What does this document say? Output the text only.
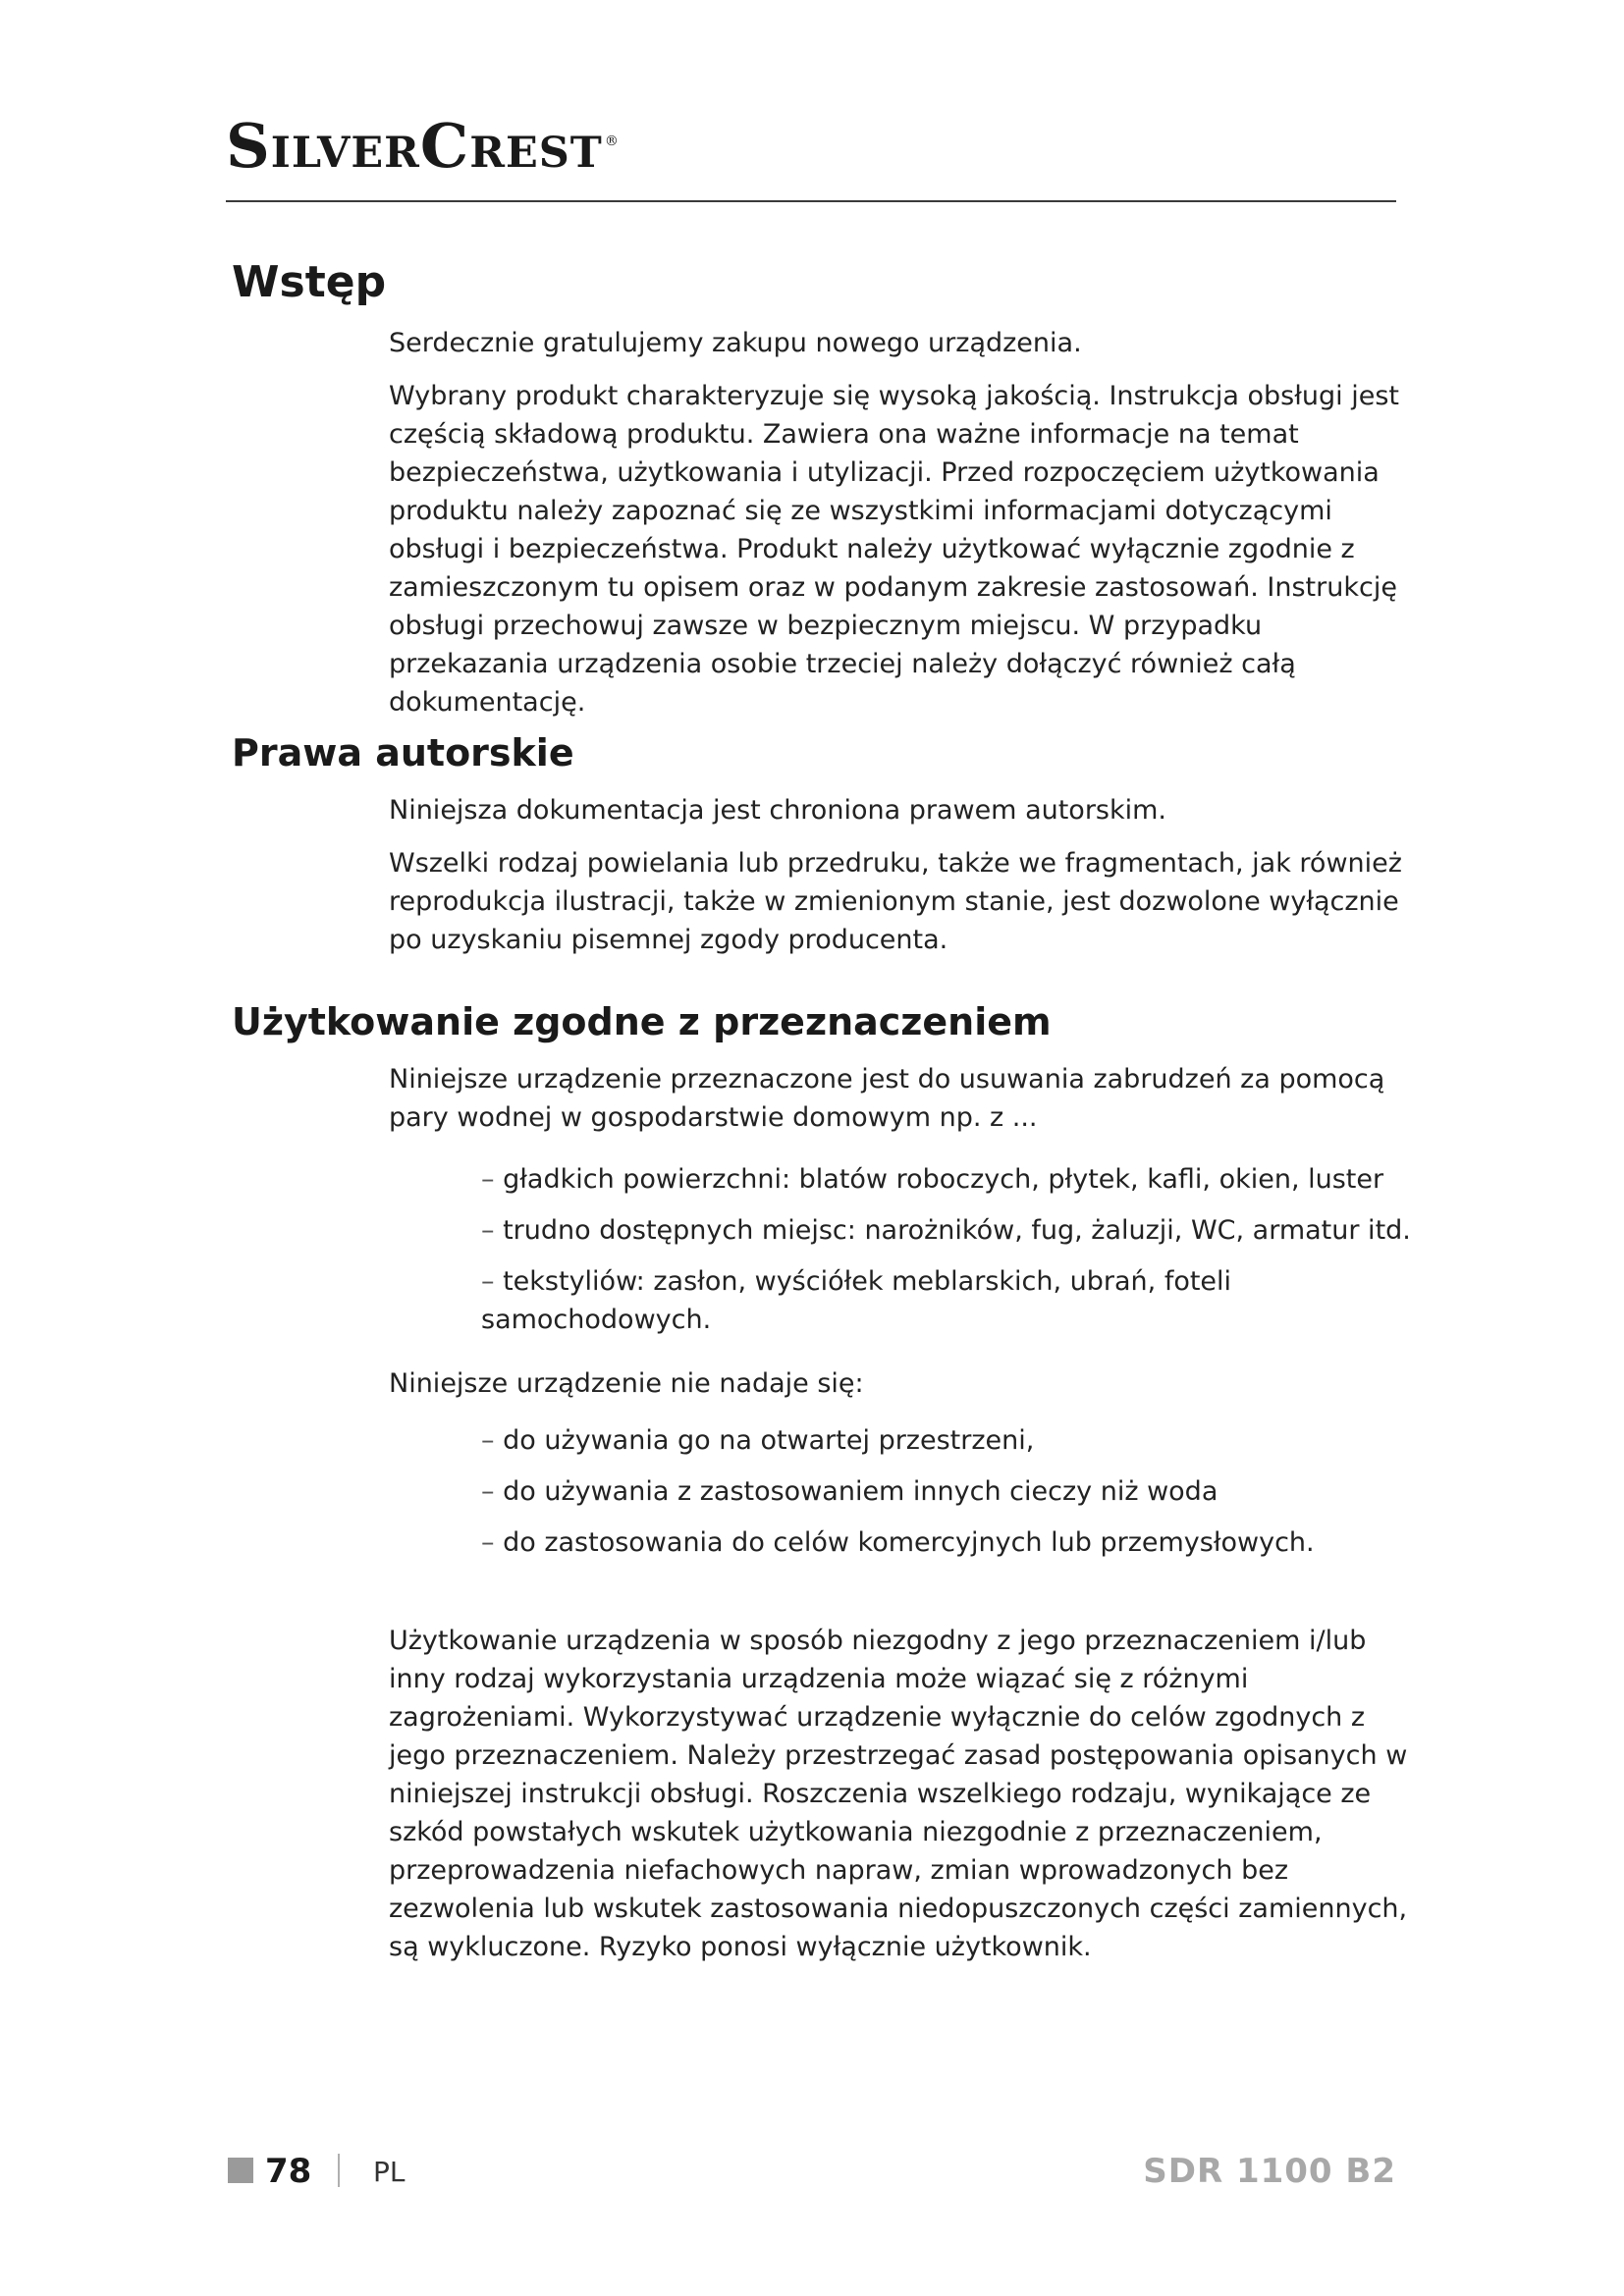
SilverCrest ®
Wstęp

Serdecznie gratulujemy zakupu nowego urządzenia.

Wybrany produkt charakteryzuje się wysoką jakością. Instrukcja obsługi jest częścią składową produktu. Zawiera ona ważne informacje na temat bezpieczeństwa, użytkowania i utylizacji. Przed rozpoczęciem użytkowania produktu należy zapoznać się ze wszystkimi informacjami dotyczącymi obsługi i bezpieczeństwa. Produkt należy użytkować wyłącznie zgodnie z zamieszczonym tu opisem oraz w podanym zakresie zastosowań. Instrukcję obsługi przechowuj zawsze w bezpiecznym miejscu. W przypadku przekazania urządzenia osobie trzeciej należy dołączyć również całą dokumentację.

Prawa autorskie

Niniejsza dokumentacja jest chroniona prawem autorskim.

Wszelki rodzaj powielania lub przedruku, także we fragmentach, jak również reprodukcja ilustracji, także w zmienionym stanie, jest dozwolone wyłącznie po uzyskaniu pisemnej zgody producenta.

Użytkowanie zgodne z przeznaczeniem

Niniejsze urządzenie przeznaczone jest do usuwania zabrudzeń za pomocą pary wodnej w gospodarstwie domowym np. z ...

– gładkich powierzchni: blatów roboczych, płytek, kafli, okien, luster
– trudno dostępnych miejsc: narożników, fug, żaluzji, WC, armatur itd.
– tekstyliów: zasłon, wyściółek meblarskich, ubrań, foteli samochodowych.

Niniejsze urządzenie nie nadaje się:

– do używania go na otwartej przestrzeni,
– do używania z zastosowaniem innych cieczy niż woda
– do zastosowania do celów komercyjnych lub przemysłowych.

Użytkowanie urządzenia w sposób niezgodny z jego przeznaczeniem i/lub inny rodzaj wykorzystania urządzenia może wiązać się z różnymi zagrożeniami. Wykorzystywać urządzenie wyłącznie do celów zgodnych z jego przeznaczeniem. Należy przestrzegać zasad postępowania opisanych w niniejszej instrukcji obsługi. Roszczenia wszelkiego rodzaju, wynikające ze szkód powstałych wskutek użytkowania niezgodnie z przeznaczeniem, przeprowadzenia niefachowych napraw, zmian wprowadzonych bez zezwolenia lub wskutek zastosowania niedopuszczonych części zamiennych, są wykluczone. Ryzyko ponosi wyłącznie użytkownik.

78 PL	SDR 1100 B2
